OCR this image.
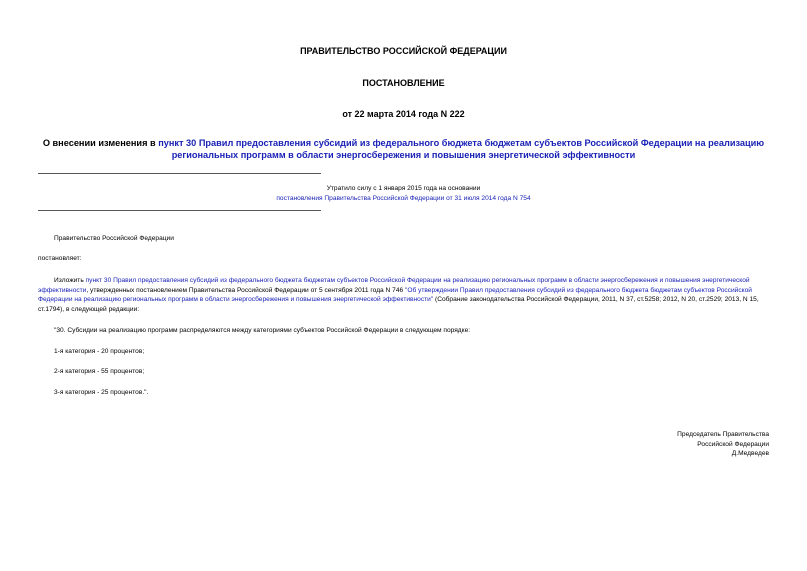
ПРАВИТЕЛЬСТВО РОССИЙСКОЙ ФЕДЕРАЦИИ
ПОСТАНОВЛЕНИЕ
от 22 марта 2014 года N 222
О внесении изменения в пункт 30 Правил предоставления субсидий из федерального бюджета бюджетам субъектов Российской Федерации на реализацию региональных программ в области энергосбережения и повышения энергетической эффективности
Утратило силу с 1 января 2015 года на основании
постановления Правительства Российской Федерации от 31 июля 2014 года N 754
Правительство Российской Федерации
постановляет:
Изложить пункт 30 Правил предоставления субсидий из федерального бюджета бюджетам субъектов Российской Федерации на реализацию региональных программ в области энергосбережения и повышения энергетической эффективности, утвержденных постановлением Правительства Российской Федерации от 5 сентября 2011 года N 746 "Об утверждении Правил предоставления субсидий из федерального бюджета бюджетам субъектов Российской Федерации на реализацию региональных программ в области энергосбережения и повышения энергетической эффективности" (Собрание законодательства Российской Федерации, 2011, N 37, ст.5258; 2012, N 20, ст.2529; 2013, N 15, ст.1794), в следующей редакции:
"30. Субсидии на реализацию программ распределяются между категориями субъектов Российской Федерации в следующем порядке:
1-я категория - 20 процентов;
2-я категория - 55 процентов;
3-я категория - 25 процентов.".
Председатель Правительства
Российской Федерации
Д.Медведев
